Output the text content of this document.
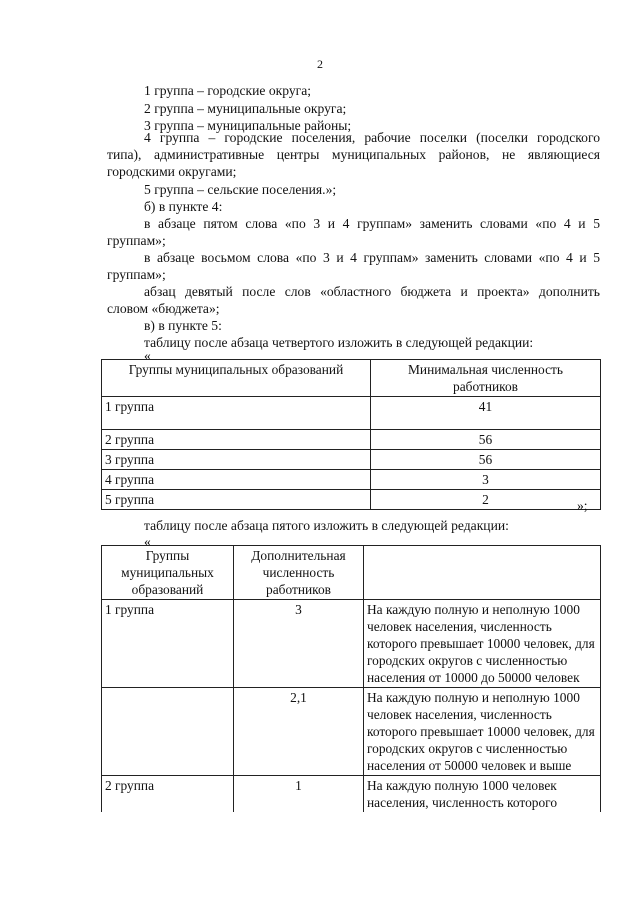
2
1 группа – городские округа;
2 группа – муниципальные округа;
3 группа – муниципальные районы;
4 группа – городские поселения, рабочие поселки (поселки городского
типа), административные центры муниципальных районов, не являющиеся
городскими округами;
5 группа – сельские поселения.»;
б) в пункте 4:
в абзаце пятом слова «по 3 и 4 группам» заменить словами «по 4 и 5
группам»;
в абзаце восьмом слова «по 3 и 4 группам» заменить словами «по 4 и 5
группам»;
абзац девятый после слов «областного бюджета и проекта» дополнить
словом «бюджета»;
в) в пункте 5:
таблицу после абзаца четвертого изложить в следующей редакции:
«
Группы муниципальных образований	Минимальная численность работников
1 группа	41
2 группа	56
3 группа	56
4 группа	3
5 группа	2	»;
таблицу после абзаца пятого изложить в следующей редакции:
«
Группы муниципальных образований	Дополнительная численность работников	
1 группа	3	На каждую полную и неполную 1000 человек населения, численность которого превышает 10000 человек, для городских округов с численностью населения от 10000 до 50000 человек
	2,1	На каждую полную и неполную 1000 человек населения, численность которого превышает 10000 человек, для городских округов с численностью населения от 50000 человек и выше
2 группа	1	На каждую полную 1000 человек населения, численность которого
